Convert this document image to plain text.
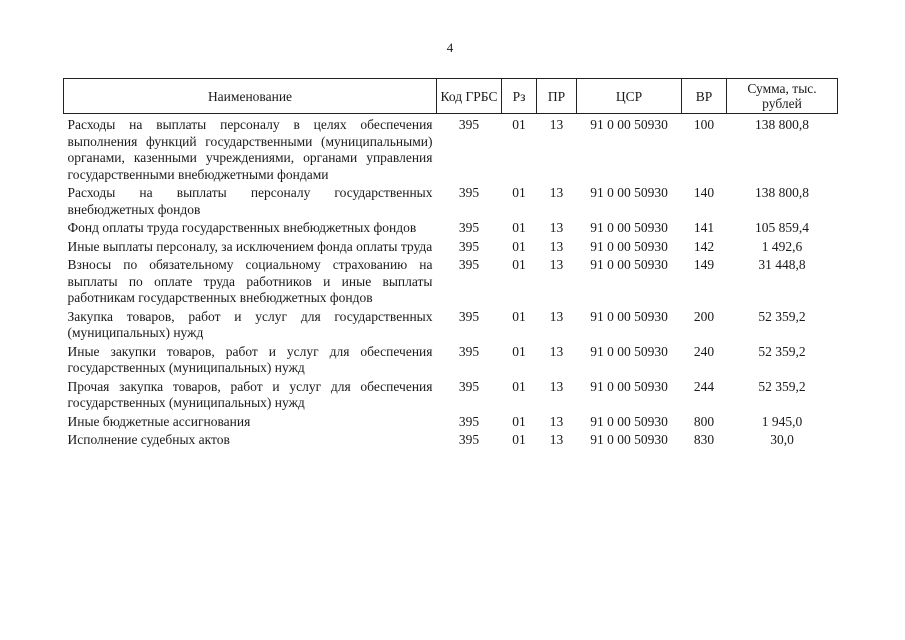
4
Наименование	Код ГРБС	Рз	ПР	ЦСР	ВР	Сумма, тыс. рублей
Расходы на выплаты персоналу в целях обеспечения выполнения функций государственными (муниципальными) органами, казенными учреждениями, органами управления государственными внебюджетными фондами	395	01	13	91 0 00 50930	100	138 800,8
Расходы на выплаты персоналу государственных внебюджетных фондов	395	01	13	91 0 00 50930	140	138 800,8
Фонд оплаты труда государственных внебюджетных фондов	395	01	13	91 0 00 50930	141	105 859,4
Иные выплаты персоналу, за исключением фонда оплаты труда	395	01	13	91 0 00 50930	142	1 492,6
Взносы по обязательному социальному страхованию на выплаты по оплате труда работников и иные выплаты работникам государственных внебюджетных фондов	395	01	13	91 0 00 50930	149	31 448,8
Закупка товаров, работ и услуг для государственных (муниципальных) нужд	395	01	13	91 0 00 50930	200	52 359,2
Иные закупки товаров, работ и услуг для обеспечения государственных (муниципальных) нужд	395	01	13	91 0 00 50930	240	52 359,2
Прочая закупка товаров, работ и услуг для обеспечения государственных (муниципальных) нужд	395	01	13	91 0 00 50930	244	52 359,2
Иные бюджетные ассигнования	395	01	13	91 0 00 50930	800	1 945,0
Исполнение судебных актов	395	01	13	91 0 00 50930	830	30,0
